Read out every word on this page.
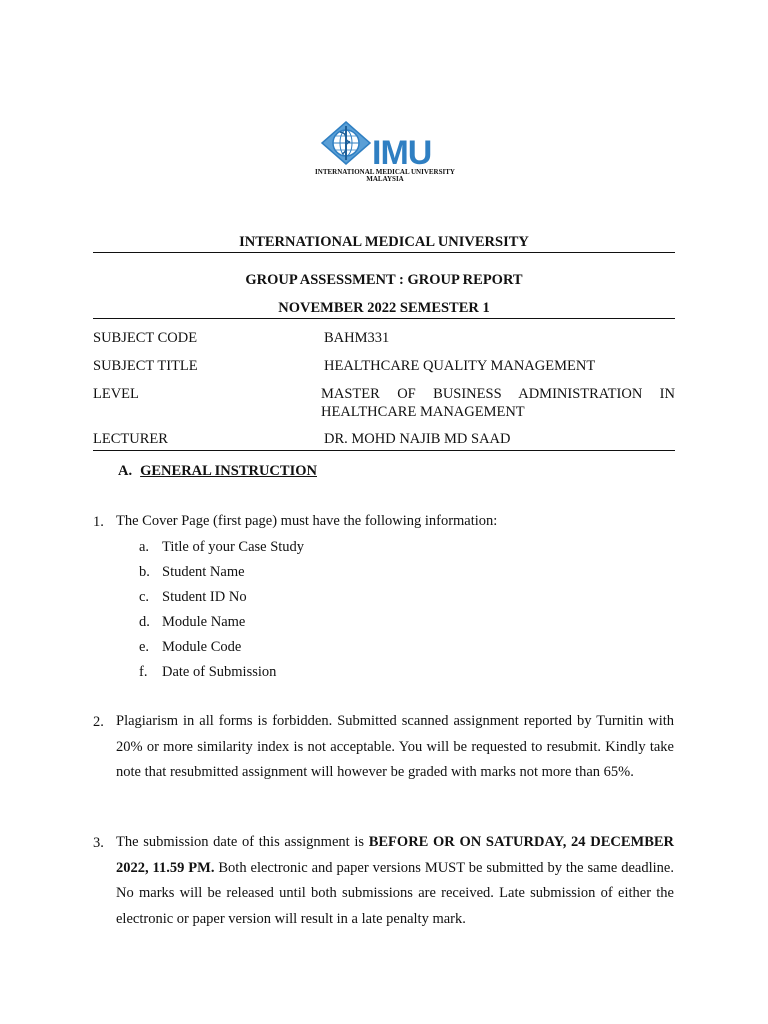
IMU
INTERNATIONAL MEDICAL UNIVERSITY
MALAYSIA
INTERNATIONAL MEDICAL UNIVERSITY
GROUP ASSESSMENT : GROUP REPORT
NOVEMBER 2022 SEMESTER 1
SUBJECT CODE	BAHM331
SUBJECT TITLE	HEALTHCARE QUALITY MANAGEMENT
LEVEL	MASTER OF BUSINESS ADMINISTRATION IN
HEALTHCARE MANAGEMENT
LECTURER	DR. MOHD NAJIB MD SAAD
A. GENERAL INSTRUCTION
1. The Cover Page (first page) must have the following information:
a. Title of your Case Study
b. Student Name
c. Student ID No
d. Module Name
e. Module Code
f. Date of Submission
2. Plagiarism in all forms is forbidden. Submitted scanned assignment reported by Turnitin with 20% or more similarity index is not acceptable. You will be requested to resubmit. Kindly take note that resubmitted assignment will however be graded with marks not more than 65%.
3. The submission date of this assignment is BEFORE OR ON SATURDAY, 24 DECEMBER 2022, 11.59 PM. Both electronic and paper versions MUST be submitted by the same deadline. No marks will be released until both submissions are received. Late submission of either the electronic or paper version will result in a late penalty mark.
